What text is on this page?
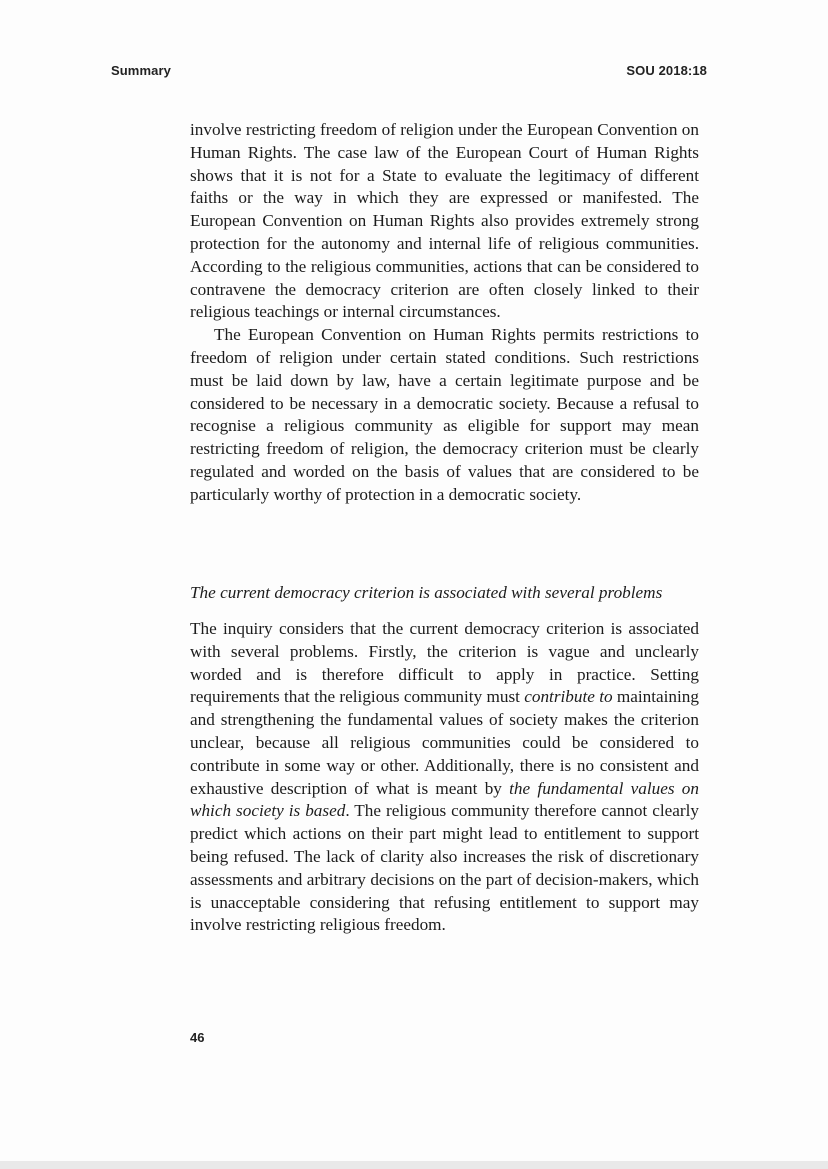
Summary	SOU 2018:18

involve restricting freedom of religion under the European Convention on Human Rights. The case law of the European Court of Human Rights shows that it is not for a State to evaluate the legitimacy of different faiths or the way in which they are expressed or manifested. The European Convention on Human Rights also provides extremely strong protection for the autonomy and internal life of religious communities. According to the religious communities, actions that can be considered to contravene the democracy criterion are often closely linked to their religious teachings or internal circumstances.

The European Convention on Human Rights permits restrictions to freedom of religion under certain stated conditions. Such restrictions must be laid down by law, have a certain legitimate purpose and be considered to be necessary in a democratic society. Because a refusal to recognise a religious community as eligible for support may mean restricting freedom of religion, the democracy criterion must be clearly regulated and worded on the basis of values that are considered to be particularly worthy of protection in a democratic society.

The current democracy criterion is associated with several problems

The inquiry considers that the current democracy criterion is associated with several problems. Firstly, the criterion is vague and unclearly worded and is therefore difficult to apply in practice. Setting requirements that the religious community must contribute to maintaining and strengthening the fundamental values of society makes the criterion unclear, because all religious communities could be considered to contribute in some way or other. Additionally, there is no consistent and exhaustive description of what is meant by the fundamental values on which society is based. The religious community therefore cannot clearly predict which actions on their part might lead to entitlement to support being refused. The lack of clarity also increases the risk of discretionary assessments and arbitrary decisions on the part of decision-makers, which is unacceptable considering that refusing entitlement to support may involve restricting religious freedom.

46
